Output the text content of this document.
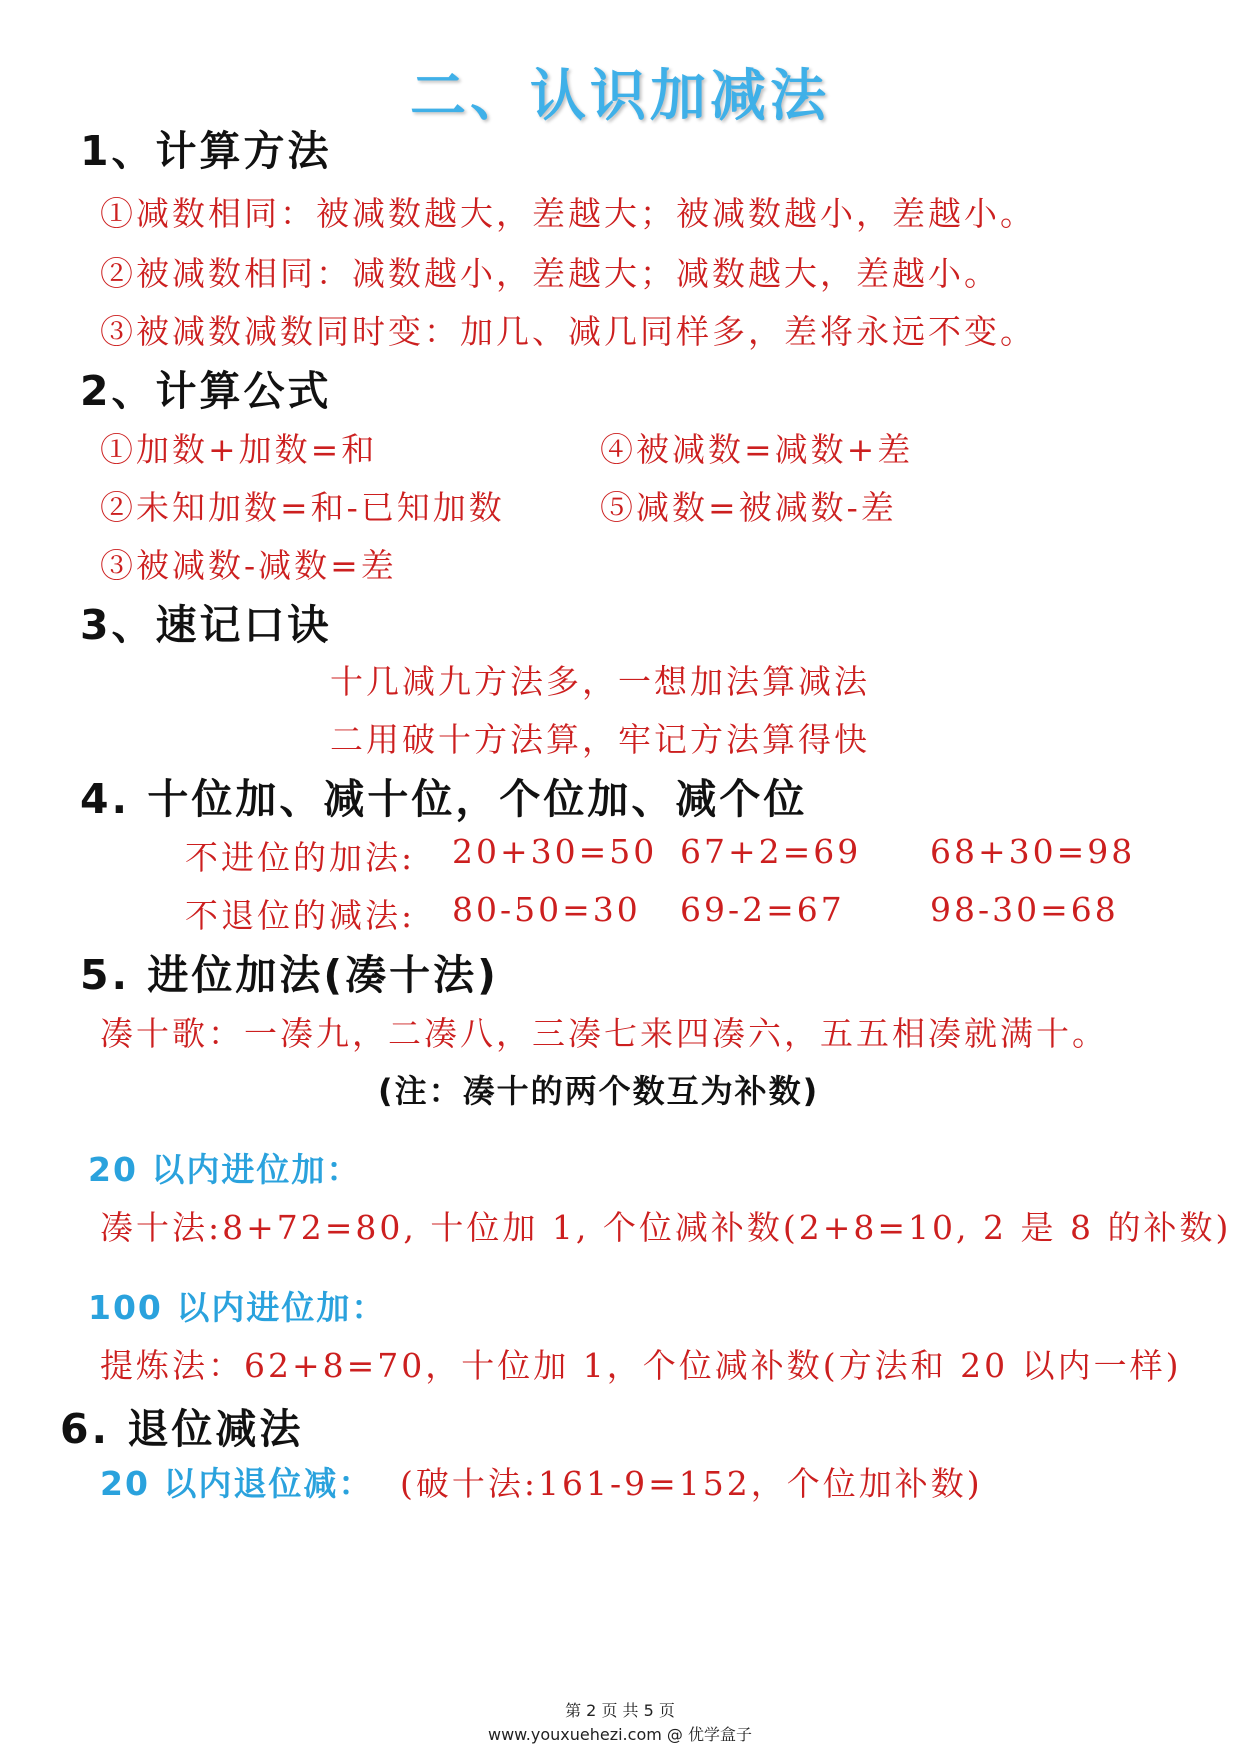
二、认识加减法
1、计算方法
①减数相同：被减数越大，差越大；被减数越小，差越小。
②被减数相同：减数越小，差越大；减数越大，差越小。
③被减数减数同时变：加几、减几同样多，差将永远不变。
2、计算公式
①加数+加数=和
②未知加数=和-已知加数
③被减数-减数=差
④被减数=减数+差
⑤减数=被减数-差
3、速记口诀
十几减九方法多，一想加法算减法
二用破十方法算，牢记方法算得快
4. 十位加、减十位，个位加、减个位
不进位的加法: 20+30=50 67+2=69 68+30=98
不退位的减法: 80-50=30 69-2=67	98-30=68
5. 进位加法(凑十法)
凑十歌：一凑九，二凑八，三凑七来四凑六，五五相凑就满十。
(注：凑十的两个数互为补数)
20 以内进位加：
凑十法:8+72=80, 十位加 1, 个位减补数(2+8=10, 2 是 8 的补数)
100 以内进位加：
提炼法：62+8=70，十位加 1，个位减补数(方法和 20 以内一样)
6. 退位减法
20 以内退位减： (破十法:161-9=152，个位加补数)
第 2 页 共 5 页
www.youxuehezi.com @ 优学盒子
